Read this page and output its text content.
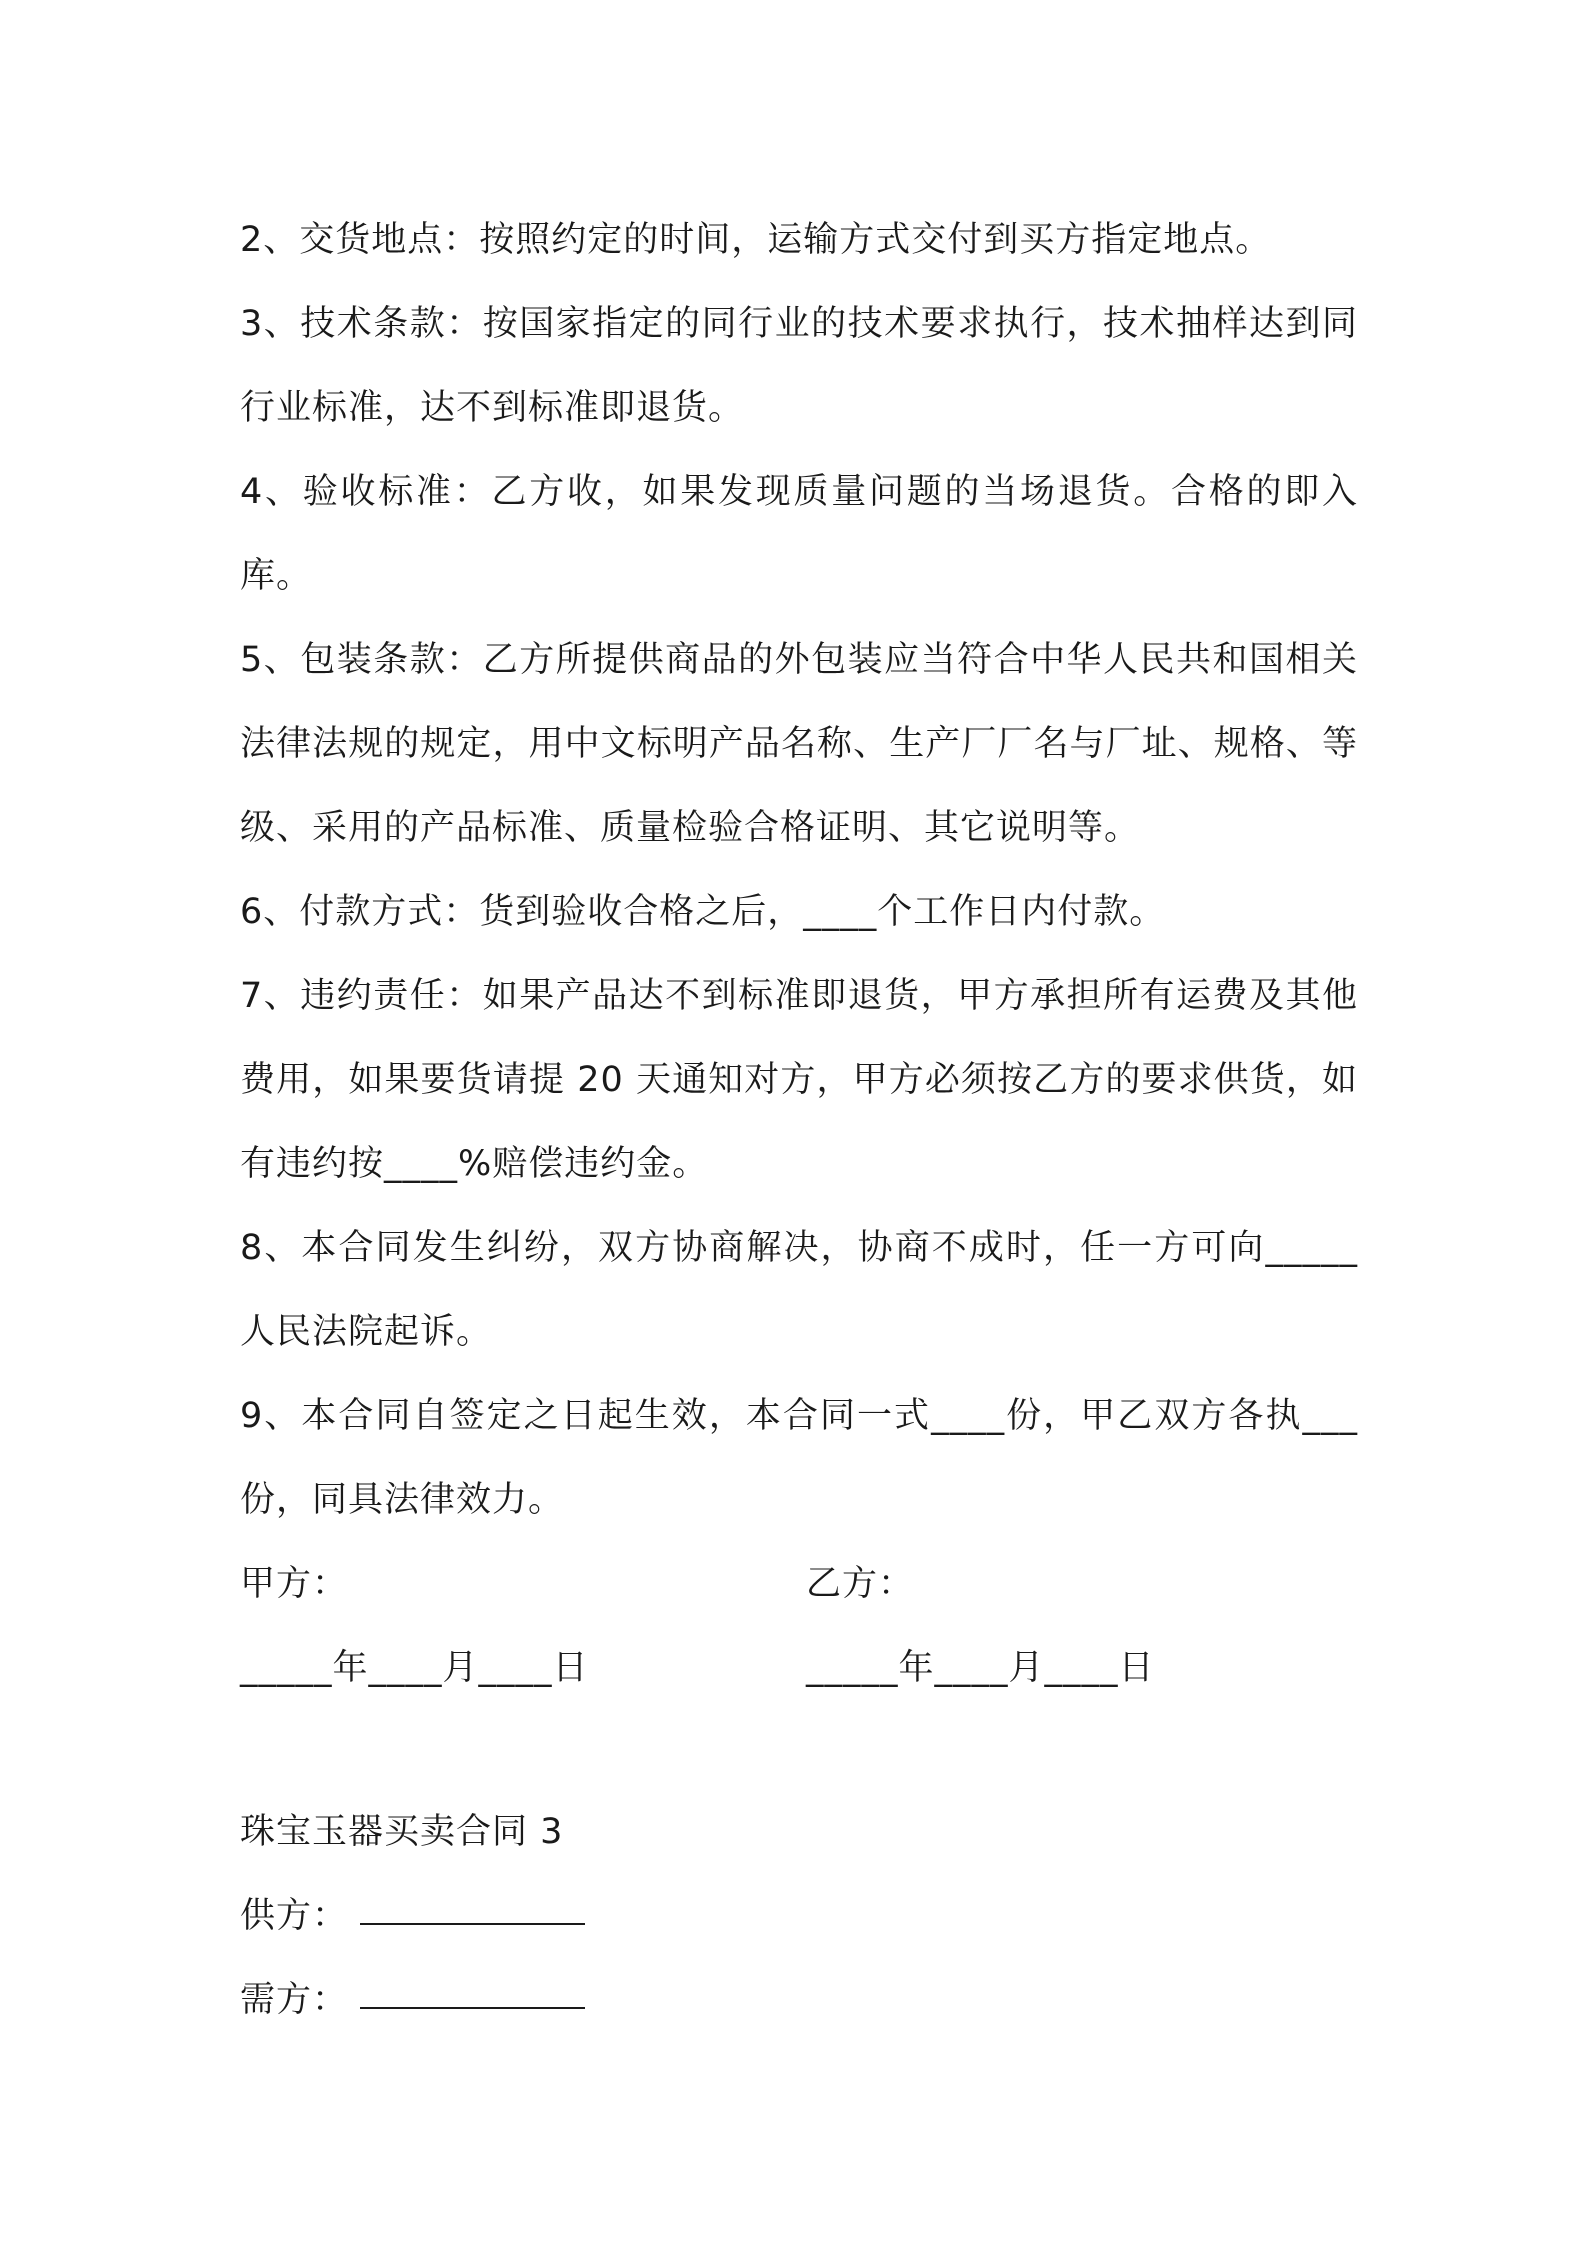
2、交货地点：按照约定的时间，运输方式交付到买方指定地点。

3、技术条款：按国家指定的同行业的技术要求执行，技术抽样达到同行业标准，达不到标准即退货。

4、验收标准：乙方收，如果发现质量问题的当场退货。合格的即入库。

5、包装条款：乙方所提供商品的外包装应当符合中华人民共和国相关法律法规的规定，用中文标明产品名称、生产厂厂名与厂址、规格、等级、采用的产品标准、质量检验合格证明、其它说明等。

6、付款方式：货到验收合格之后，____个工作日内付款。

7、违约责任：如果产品达不到标准即退货，甲方承担所有运费及其他费用，如果要货请提 20 天通知对方，甲方必须按乙方的要求供货，如有违约按____%赔偿违约金。

8、本合同发生纠纷，双方协商解决，协商不成时，任一方可向_____人民法院起诉。

9、本合同自签定之日起生效，本合同一式____份，甲乙双方各执___份，同具法律效力。

甲方：	乙方：
_____年____月____日	_____年____月____日
珠宝玉器买卖合同 3
供方：
需方：
